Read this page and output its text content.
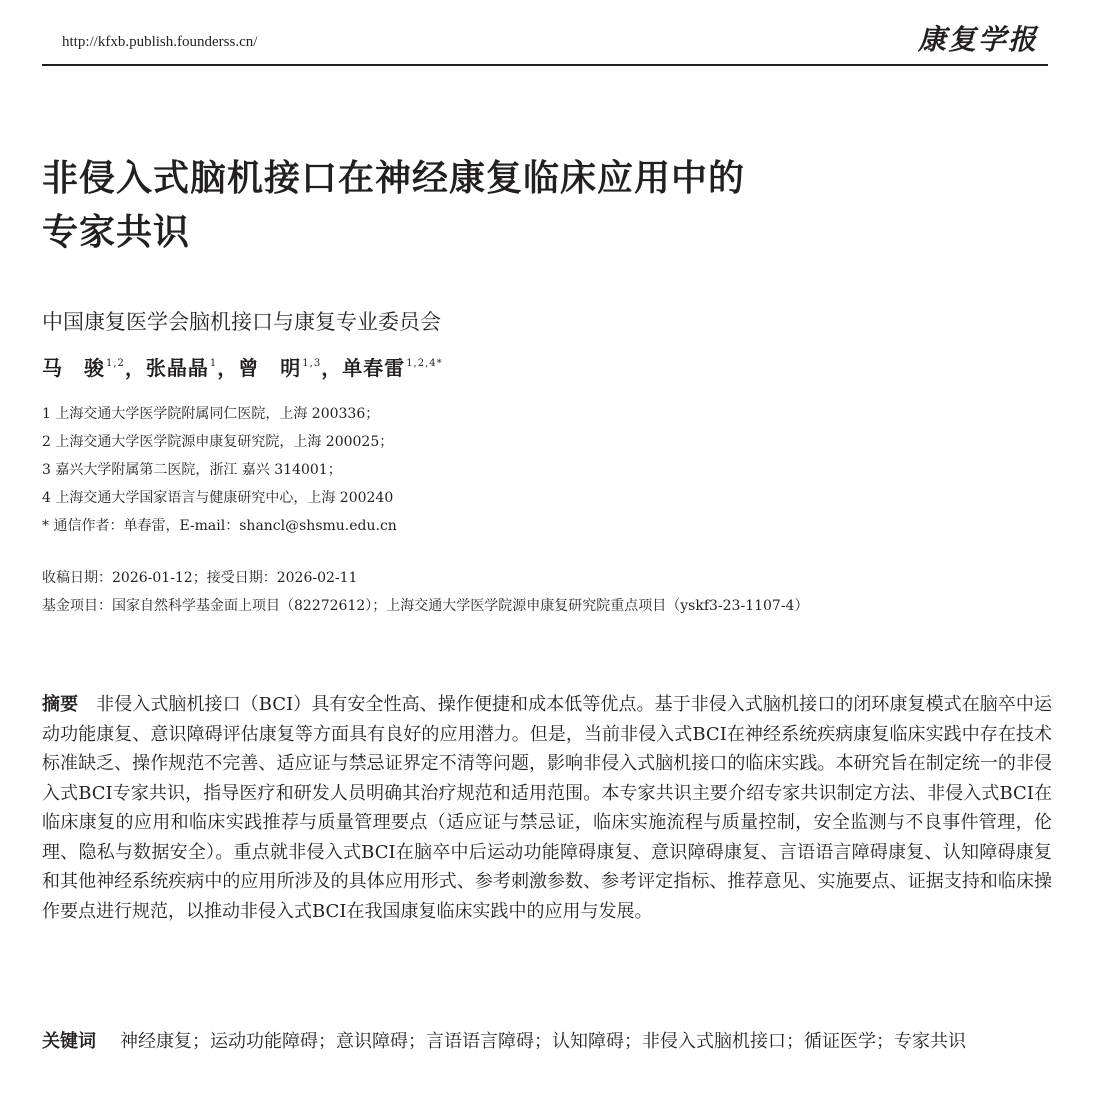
http://kfxb.publish.founderss.cn/	康复学报
非侵入式脑机接口在神经康复临床应用中的
专家共识
中国康复医学会脑机接口与康复专业委员会
马　骏$^{1,2}$，张晶晶$^1$，曾　明$^{1,3}$，单春雷$^{1,2,4*}$
1 上海交通大学医学院附属同仁医院，上海 200336；
2 上海交通大学医学院源申康复研究院，上海 200025；
3 嘉兴大学附属第二医院，浙江 嘉兴 314001；
4 上海交通大学国家语言与健康研究中心，上海 200240
* 通信作者：单春雷，E-mail：shancl@shsmu.edu.cn
收稿日期：2026-01-12；接受日期：2026-02-11
基金项目：国家自然科学基金面上项目（82272612）；上海交通大学医学院源申康复研究院重点项目（yskf3-23-1107-4）
摘要 非侵入式脑机接口（BCI）具有安全性高、操作便捷和成本低等优点。基于非侵入式脑机接口的闭环康复模式在脑卒中运动功能康复、意识障碍评估康复等方面具有良好的应用潜力。但是，当前非侵入式BCI在神经系统疾病康复临床实践中存在技术标准缺乏、操作规范不完善、适应证与禁忌证界定不清等问题，影响非侵入式脑机接口的临床实践。本研究旨在制定统一的非侵入式BCI专家共识，指导医疗和研发人员明确其治疗规范和适用范围。本专家共识主要介绍专家共识制定方法、非侵入式BCI在临床康复的应用和临床实践推荐与质量管理要点（适应证与禁忌证，临床实施流程与质量控制，安全监测与不良事件管理，伦理、隐私与数据安全）。重点就非侵入式BCI在脑卒中后运动功能障碍康复、意识障碍康复、言语语言障碍康复、认知障碍康复和其他神经系统疾病中的应用所涉及的具体应用形式、参考刺激参数、参考评定指标、推荐意见、实施要点、证据支持和临床操作要点进行规范，以推动非侵入式BCI在我国康复临床实践中的应用与发展。
关键词 神经康复；运动功能障碍；意识障碍；言语语言障碍；认知障碍；非侵入式脑机接口；循证医学；专家共识
